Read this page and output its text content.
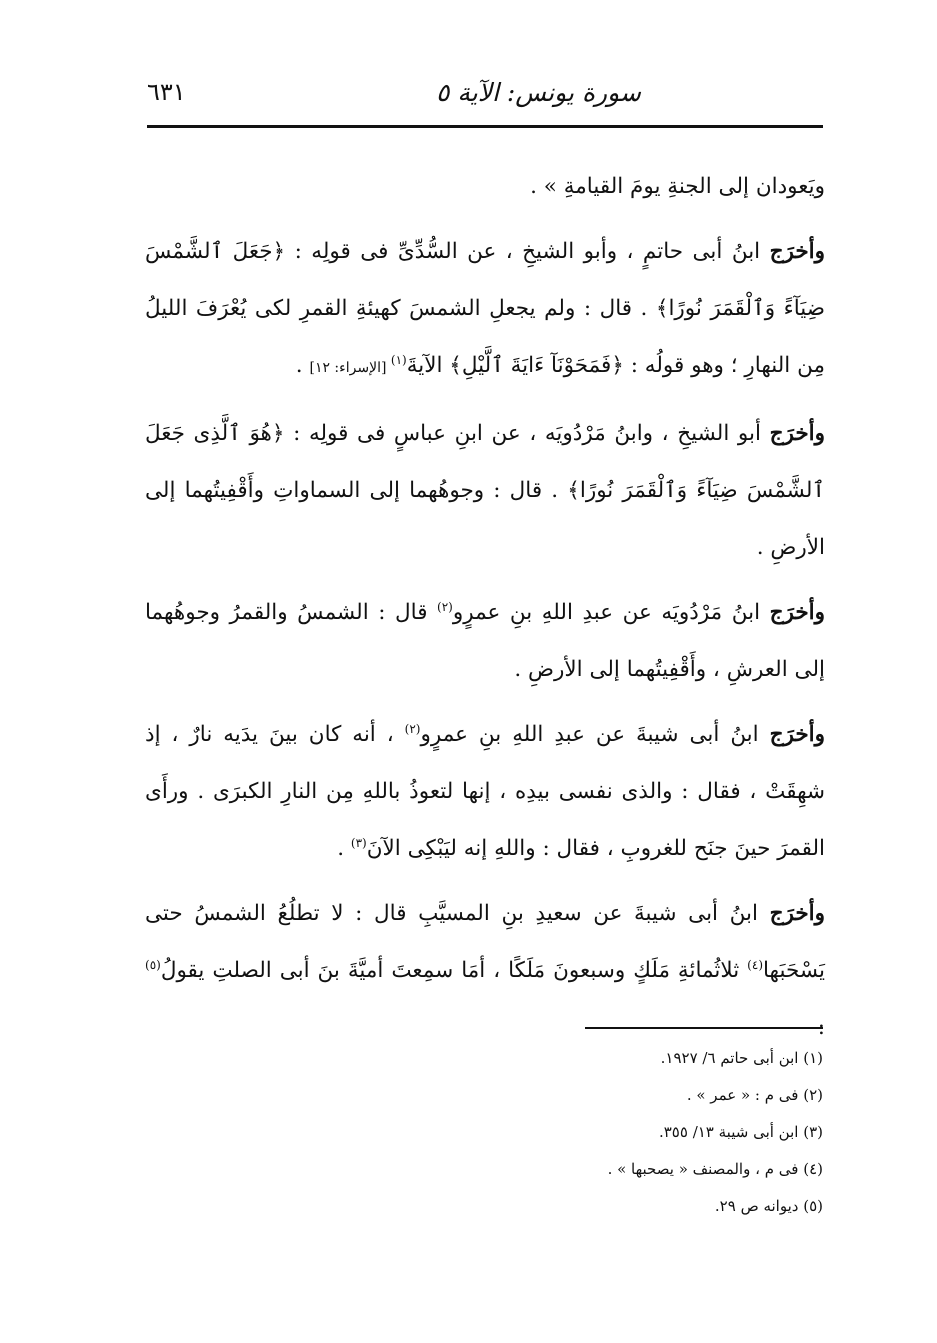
سورة يونس: الآية ٥
٦٣١

ويَعودان إلى الجنةِ يومَ القيامةِ » .

وأخرَج ابنُ أبى حاتمٍ ، وأبو الشيخِ ، عن السُّدِّىِّ فى قولِه : ﴿جَعَلَ ٱلشَّمْسَ ضِيَآءً وَٱلْقَمَرَ نُورًا﴾ . قال : ولم يجعلِ الشمسَ كهيئةِ القمرِ لكى يُعْرَفَ الليلُ مِن النهارِ ؛ وهو قولُه : ﴿فَمَحَوْنَآ ءَايَةَ ٱلَّيْلِ﴾ الآيةَ$^{(١)}$ [الإسراء: ١٢] .

وأخرَج أبو الشيخِ ، وابنُ مَرْدُويَه ، عن ابنِ عباسٍ فى قولِه : ﴿هُوَ ٱلَّذِى جَعَلَ ٱلشَّمْسَ ضِيَآءً وَٱلْقَمَرَ نُورًا﴾ . قال : وجوهُهما إلى السماواتِ وأَقْفِيتُهما إلى الأرضِ .

وأخرَج ابنُ مَرْدُويَه عن عبدِ اللهِ بنِ عمرٍو$^{(٢)}$ قال : الشمسُ والقمرُ وجوهُهما إلى العرشِ ، وأَقْفِيتُهما إلى الأرضِ .

وأخرَج ابنُ أبى شيبةَ عن عبدِ اللهِ بنِ عمرٍو$^{(٢)}$ ، أنه كان بينَ يدَيه نارٌ ، إذ شهِقَتْ ، فقال : والذى نفسى بيدِه ، إنها لتعوذُ باللهِ مِن النارِ الكبرَى . ورأَى القمرَ حينَ جنَح للغروبِ ، فقال : واللهِ إنه ليَبْكِى الآنَ$^{(٣)}$ .

وأخرَج ابنُ أبى شيبةَ عن سعيدِ بنِ المسيَّبِ قال : لا تطلُعُ الشمسُ حتى يَسْحَبَها$^{(٤)}$ ثلاثُمائةِ مَلَكٍ وسبعونَ مَلَكًا ، أمَا سمِعتَ أميَّةَ بنَ أبى الصلتِ يقولُ$^{(٥)}$ :

(١) ابن أبى حاتم ٦/ ١٩٢٧.

(٢) فى م : « عمر » .

(٣) ابن أبى شيبة ١٣/ ٣٥٥.

(٤) فى م ، والمصنف « يصحبها » .

(٥) ديوانه ص ٢٩.
